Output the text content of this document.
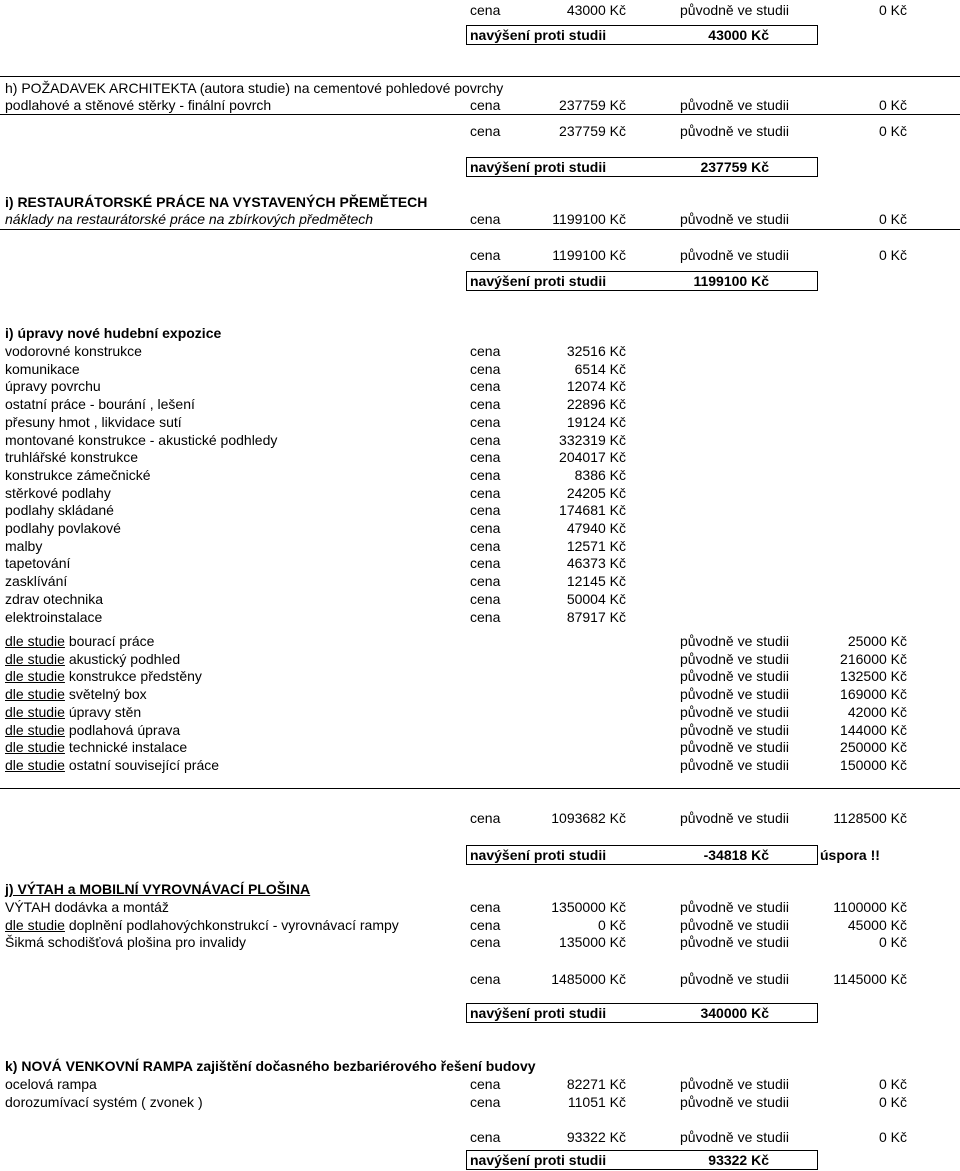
cena	43000 Kč	původně ve studii	0 Kč
navýšení proti studii	43000 Kč
h) POŽADAVEK ARCHITEKTA (autora studie) na cementové pohledové povrchy
podlahové a stěnové stěrky - finální povrch	cena	237759 Kč	původně ve studii	0 Kč
cena	237759 Kč	původně ve studii	0 Kč
navýšení proti studii	237759 Kč
i) RESTAURÁTORSKÉ PRÁCE NA VYSTAVENÝCH PŘEMĚTECH
náklady na restaurátorské práce na zbírkových předmětech	cena	1199100 Kč	původně ve studii	0 Kč
cena	1199100 Kč	původně ve studii	0 Kč
navýšení proti studii	1199100 Kč
i) úpravy nové hudební expozice
vodorovné konstrukce	cena	32516 Kč
komunikace	cena	6514 Kč
úpravy povrchu	cena	12074 Kč
ostatní práce - bourání , lešení	cena	22896 Kč
přesuny hmot , likvidace sutí	cena	19124 Kč
montované konstrukce - akustické podhledy	cena	332319 Kč
truhlářské konstrukce	cena	204017 Kč
konstrukce zámečnické	cena	8386 Kč
stěrkové podlahy	cena	24205 Kč
podlahy skládané	cena	174681 Kč
podlahy povlakové	cena	47940 Kč
malby	cena	12571 Kč
tapetování	cena	46373 Kč
zasklívání	cena	12145 Kč
zdrav otechnika	cena	50004 Kč
elektroinstalace	cena	87917 Kč
dle studie bourací práce	původně ve studii	25000 Kč
dle studie akustický podhled	původně ve studii	216000 Kč
dle studie konstrukce předstěny	původně ve studii	132500 Kč
dle studie světelný box	původně ve studii	169000 Kč
dle studie úpravy stěn	původně ve studii	42000 Kč
dle studie podlahová úprava	původně ve studii	144000 Kč
dle studie technické instalace	původně ve studii	250000 Kč
dle studie ostatní související práce	původně ve studii	150000 Kč
cena	1093682 Kč	původně ve studii	1128500 Kč
navýšení proti studii	-34818 Kč	úspora !!
j) VÝTAH a MOBILNÍ VYROVNÁVACÍ PLOŠINA
VÝTAH dodávka a montáž	cena	1350000 Kč	původně ve studii	1100000 Kč
dle studie doplnění podlahovýchkonstrukcí - vyrovnávací rampy	cena	0 Kč	původně ve studii	45000 Kč
Šikmá schodišťová plošina pro invalidy	cena	135000 Kč	původně ve studii	0 Kč
cena	1485000 Kč	původně ve studii	1145000 Kč
navýšení proti studii	340000 Kč
k) NOVÁ VENKOVNÍ RAMPA zajištění dočasného bezbariérového řešení budovy
ocelová rampa	cena	82271 Kč	původně ve studii	0 Kč
dorozumívací systém ( zvonek )	cena	11051 Kč	původně ve studii	0 Kč
cena	93322 Kč	původně ve studii	0 Kč
navýšení proti studii	93322 Kč
